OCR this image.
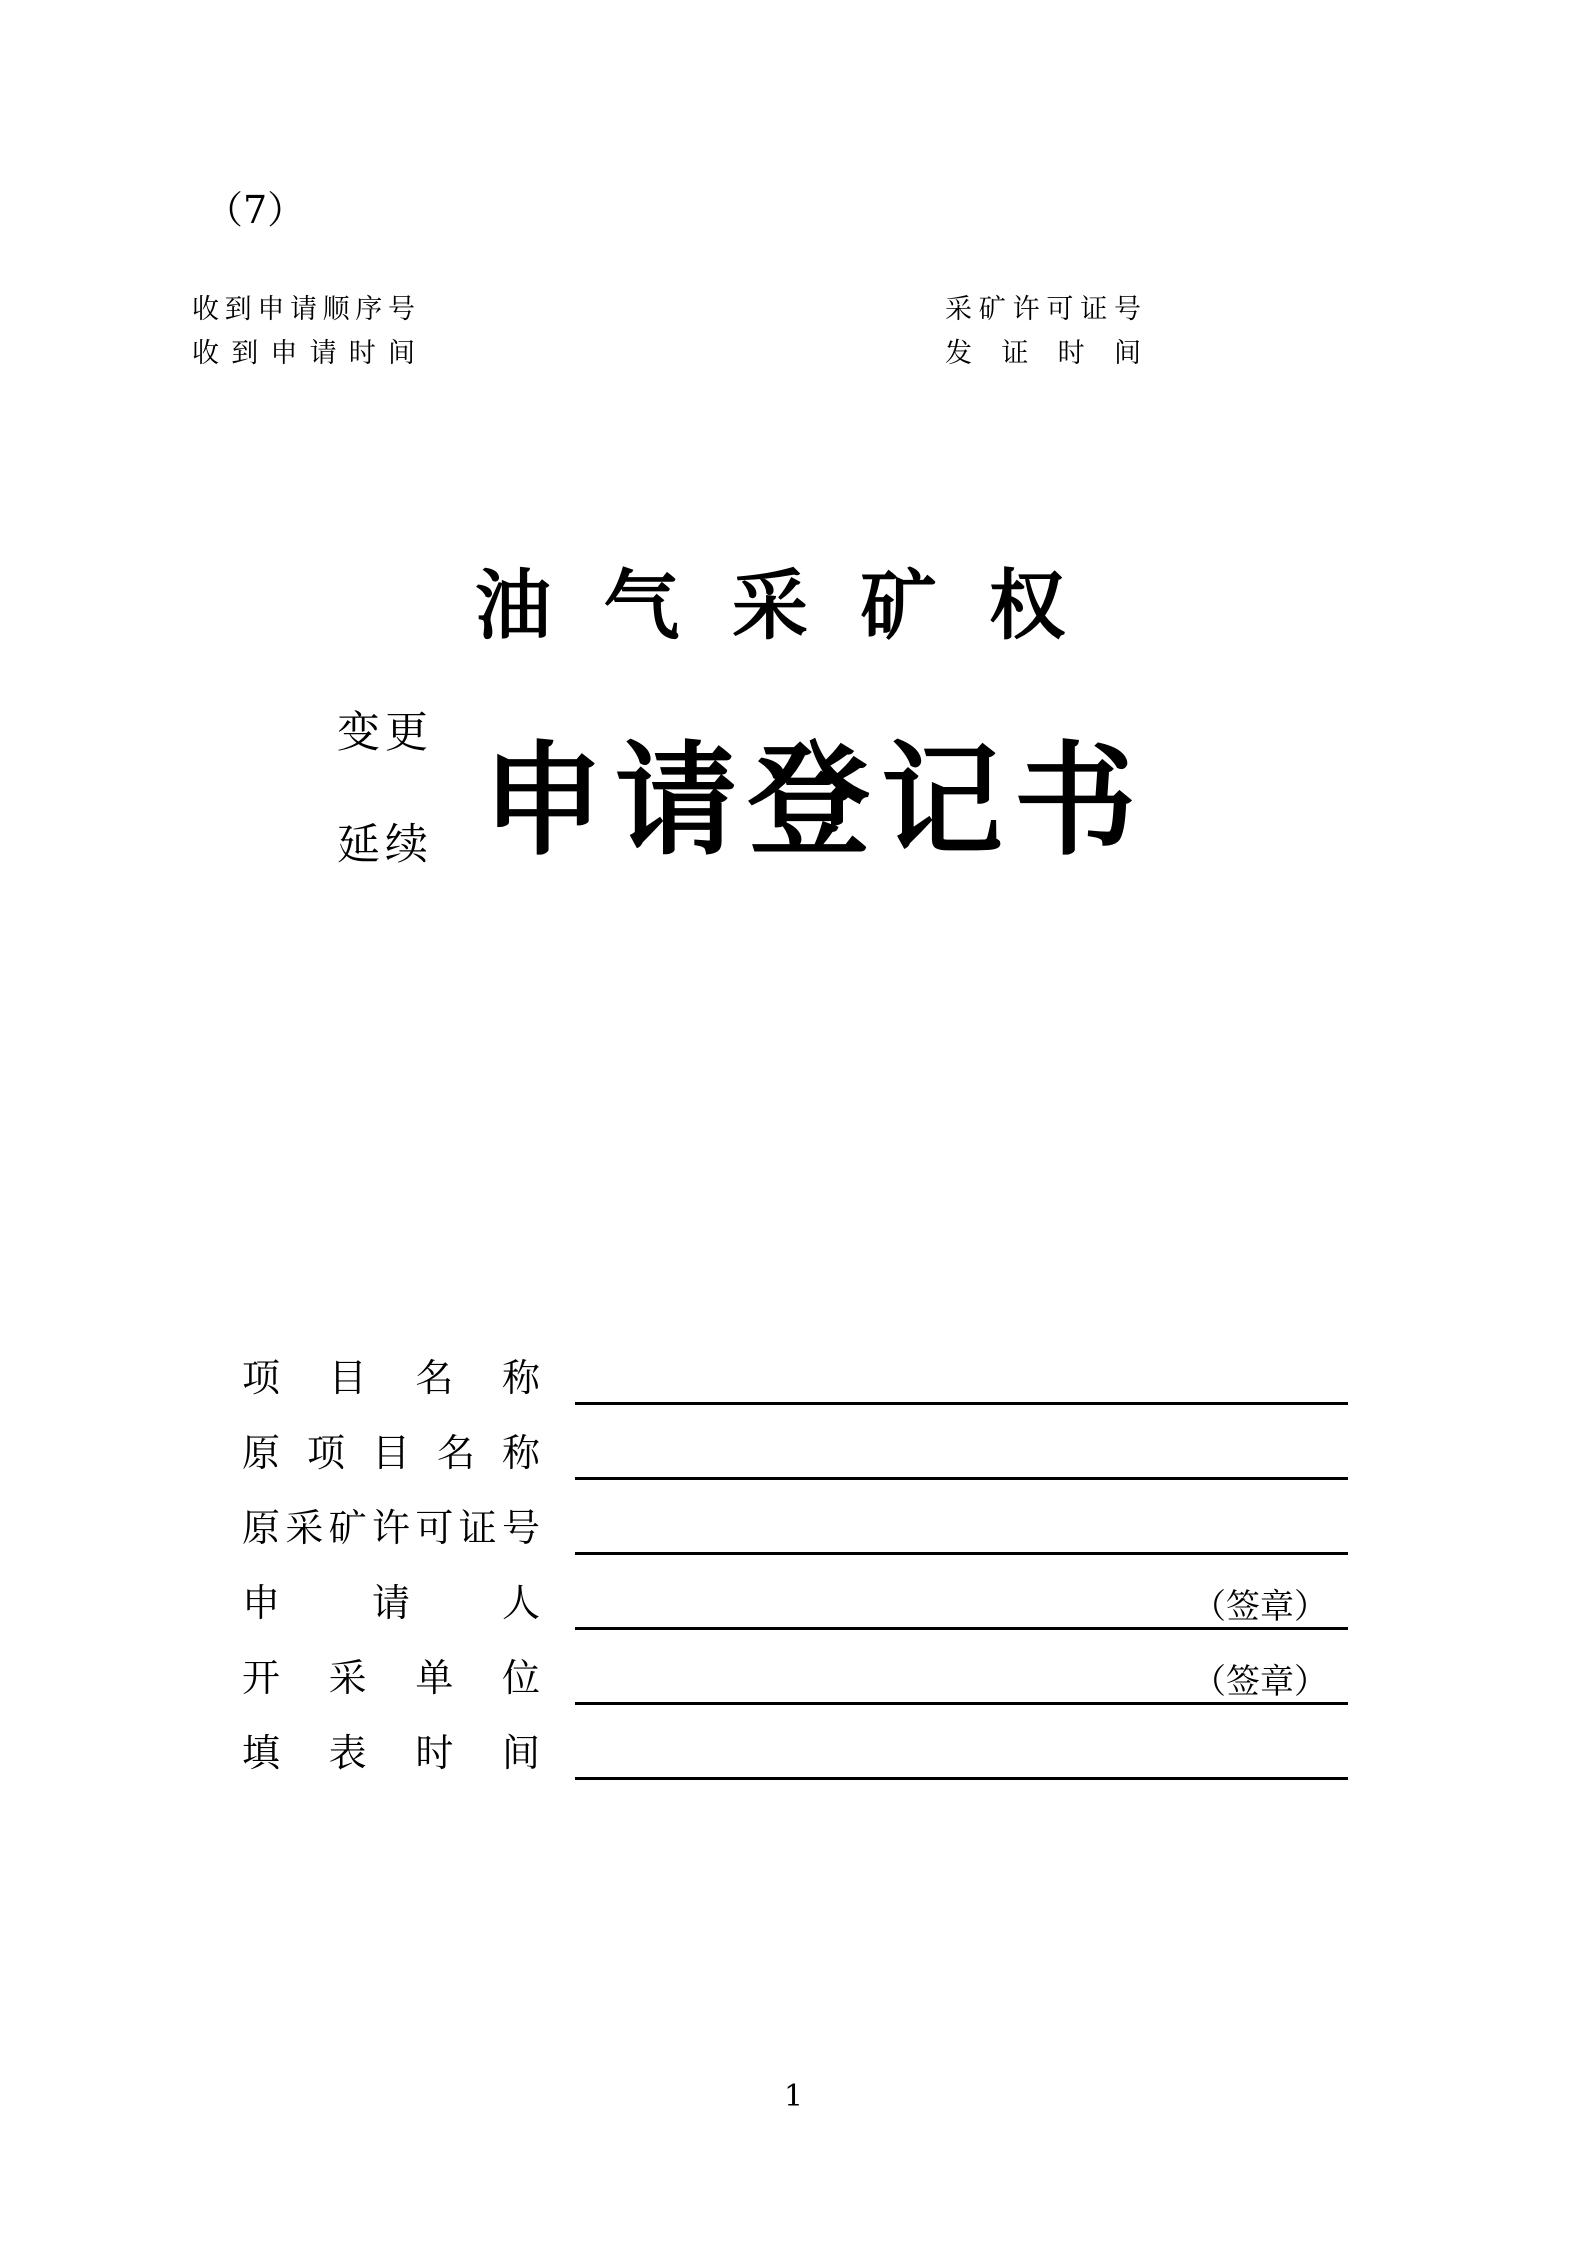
（7）
收 到 申 请 顺 序 号
收 到 申 请 时 间
采 矿 许 可 证 号
发 证 时 间
油 气 采 矿 权
变更
延续 申 请 登 记 书
项 目 名 称
原 项 目 名 称
原 采 矿 许 可 证 号
申 请 人	（签章）
开 采 单 位	（签章）
填 表 时 间
1
